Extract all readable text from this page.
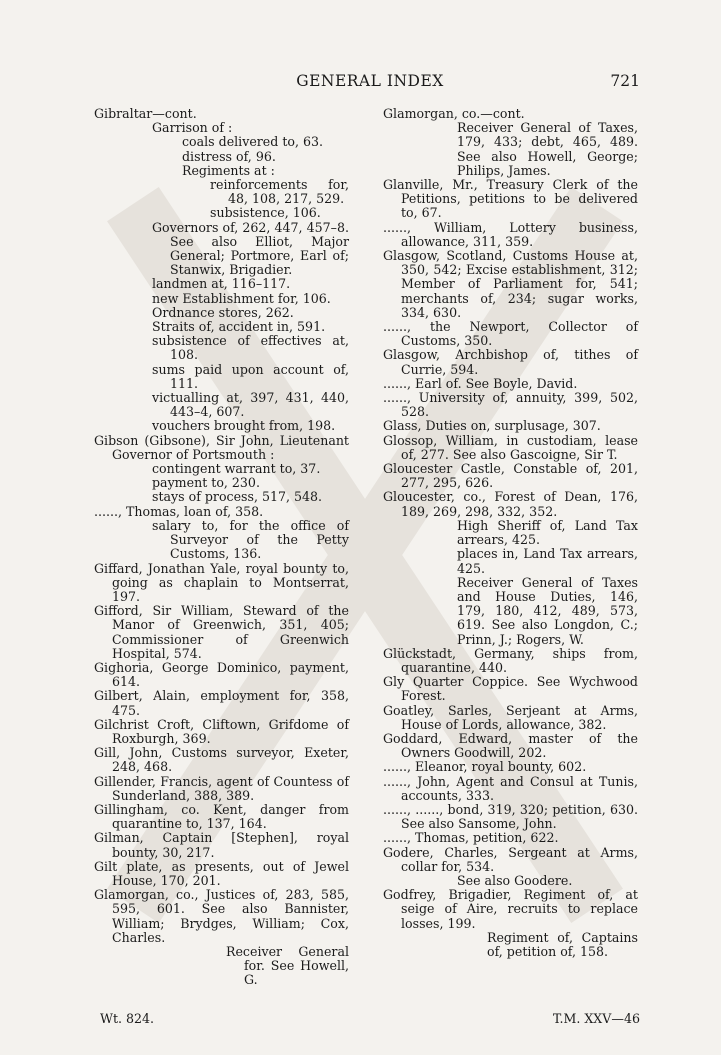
GENERAL INDEX	721

Gibraltar—cont.

Garrison of :

coals delivered to, 63.

distress of, 96.

Regiments at :

reinforcements for, 48, 108, 217, 529.

subsistence, 106.

Governors of, 262, 447, 457–8. See also Elliot, Major General; Portmore, Earl of; Stanwix, Brigadier.

landmen at, 116–117.

new Establishment for, 106.

Ordnance stores, 262.

Straits of, accident in, 591.

subsistence of effectives at, 108.

sums paid upon account of, 111.

victualling at, 397, 431, 440, 443–4, 607.

vouchers brought from, 198.

Gibson (Gibsone), Sir John, Lieutenant Governor of Portsmouth :

contingent warrant to, 37.

payment to, 230.

stays of process, 517, 548.

......, Thomas, loan of, 358.

salary to, for the office of Surveyor of the Petty Customs, 136.

Giffard, Jonathan Yale, royal bounty to, going as chaplain to Montserrat, 197.

Gifford, Sir William, Steward of the Manor of Greenwich, 351, 405; Commissioner of Greenwich Hospital, 574.

Gighoria, George Dominico, payment, 614.

Gilbert, Alain, employment for, 358, 475.

Gilchrist Croft, Cliftown, Grifdome of Roxburgh, 369.

Gill, John, Customs surveyor, Exeter, 248, 468.

Gillender, Francis, agent of Countess of Sunderland, 388, 389.

Gillingham, co. Kent, danger from quarantine to, 137, 164.

Gilman, Captain [Stephen], royal bounty, 30, 217.

Gilt plate, as presents, out of Jewel House, 170, 201.

Glamorgan, co., Justices of, 283, 585, 595, 601. See also Bannister, William; Brydges, William; Cox, Charles.

Receiver General for. See Howell, G.

Glamorgan, co.—cont.

Receiver General of Taxes, 179, 433; debt, 465, 489. See also Howell, George; Philips, James.

Glanville, Mr., Treasury Clerk of the Petitions, petitions to be delivered to, 67.

......, William, Lottery business, allowance, 311, 359.

Glasgow, Scotland, Customs House at, 350, 542; Excise establishment, 312; Member of Parliament for, 541; merchants of, 234; sugar works, 334, 630.

......, the Newport, Collector of Customs, 350.

Glasgow, Archbishop of, tithes of Currie, 594.

......, Earl of. See Boyle, David.

......, University of, annuity, 399, 502, 528.

Glass, Duties on, surplusage, 307.

Glossop, William, in custodiam, lease of, 277. See also Gascoigne, Sir T.

Gloucester Castle, Constable of, 201, 277, 295, 626.

Gloucester, co., Forest of Dean, 176, 189, 269, 298, 332, 352.

High Sheriff of, Land Tax arrears, 425.

places in, Land Tax arrears, 425.

Receiver General of Taxes and House Duties, 146, 179, 180, 412, 489, 573, 619. See also Longdon, C.; Prinn, J.; Rogers, W.

Glückstadt, Germany, ships from, quarantine, 440.

Gly Quarter Coppice. See Wychwood Forest.

Goatley, Sarles, Serjeant at Arms, House of Lords, allowance, 382.

Goddard, Edward, master of the Owners Goodwill, 202.

......, Eleanor, royal bounty, 602.

......, John, Agent and Consul at Tunis, accounts, 333.

......, ......, bond, 319, 320; petition, 630. See also Sansome, John.

......, Thomas, petition, 622.

Godere, Charles, Sergeant at Arms, collar for, 534.

See also Goodere.

Godfrey, Brigadier, Regiment of, at seige of Aire, recruits to replace losses, 199.

Regiment of, Captains of, petition of, 158.

Wt. 824.	T.M. XXV—46
